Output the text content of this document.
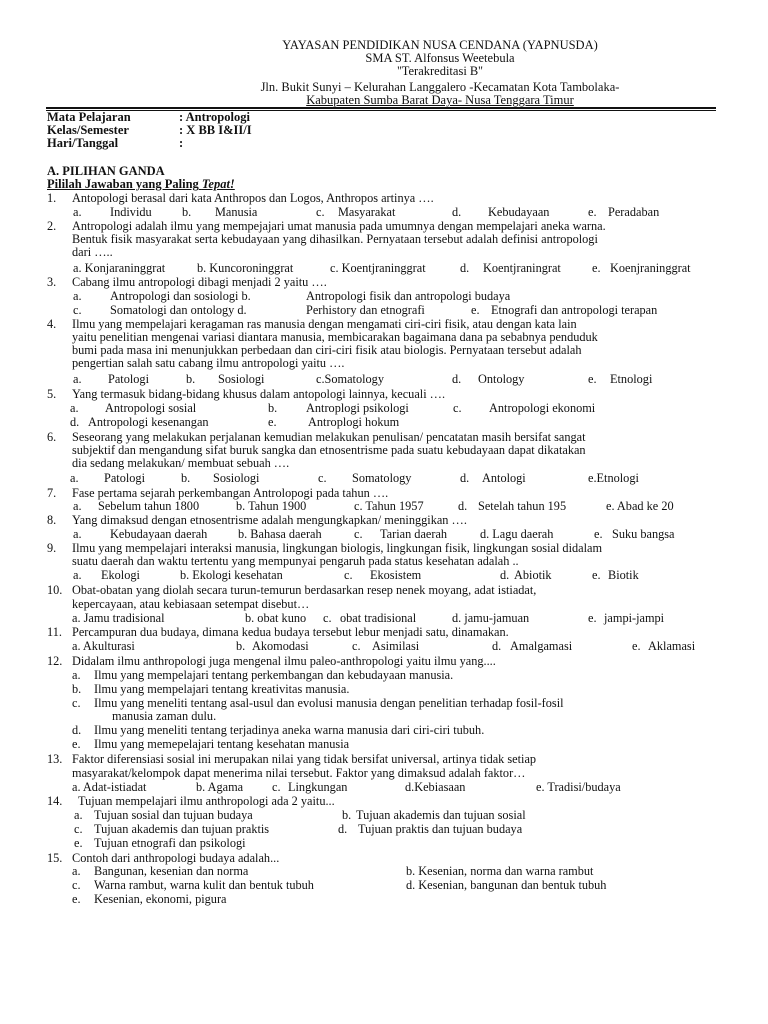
YAYASAN PENDIDIKAN NUSA CENDANA (YAPNUSDA)
SMA ST. Alfonsus Weetebula
''Terakreditasi B''
Jln. Bukit Sunyi – Kelurahan Langgalero -Kecamatan Kota Tambolaka-
Kabupaten Sumba Barat Daya- Nusa Tenggara Timur
Mata Pelajaran	: Antropologi
Kelas/Semester	: X BB I&II/I
Hari/Tanggal	:
A. PILIHAN GANDA
Pililah Jawaban yang Paling Tepat!
1. Antopologi berasal dari kata Anthropos dan Logos, Anthropos artinya ….
a. Individu b. Manusia	c. Masyarakat	d. Kebudayaan	e. Peradaban
2. Antropologi adalah ilmu yang mempejajari umat manusia pada umumnya dengan mempelajari aneka warna.
Bentuk fisik masyarakat serta kebudayaan yang dihasilkan. Pernyataan tersebut adalah definisi antropologi
dari …..
a. Konjaraninggrat	b. Kuncoroninggrat	c. Koentjraninggrat	d. Koentjraningrat	e. Koenjraninggrat
3. Cabang ilmu antropologi dibagi menjadi 2 yaitu ….
a. Antropologi dan sosiologi b.	Antropologi fisik dan antropologi budaya
c. Somatologi dan ontology d.	Perhistory dan etnografi	e. Etnografi dan antropologi terapan
4. Ilmu yang mempelajari keragaman ras manusia dengan mengamati ciri-ciri fisik, atau dengan kata lain
yaitu penelitian mengenai variasi diantara manusia, membicarakan bagaimana dana pa sebabnya penduduk
bumi pada masa ini menunjukkan perbedaan dan ciri-ciri fisik atau biologis. Pernyataan tersebut adalah
pengertian salah satu cabang ilmu antropologi yaitu ….
a. Patologi	b. Sosiologi	c.Somatology	d. Ontology	e. Etnologi
5. Yang termasuk bidang-bidang khusus dalam antopologi lainnya, kecuali ….
a. Antropologi sosial	b. Antroplogi psikologi	c. Antropologi ekonomi
d. Antropologi kesenangan	e.	Antroplogi hokum
6. Seseorang yang melakukan perjalanan kemudian melakukan penulisan/ pencatatan masih bersifat sangat
subjektif dan mengandung sifat buruk sangka dan etnosentrisme pada suatu kebudayaan dapat dikatakan
dia sedang melakukan/ membuat sebuah ….
a. Patologi	b. Sosiologi	c. Somatology	d. Antologi	e.Etnologi
7. Fase pertama sejarah perkembangan Antrolopogi pada tahun ….
a. Sebelum tahun 1800	b. Tahun 1900	c. Tahun 1957	d. Setelah tahun 195	e. Abad ke 20
8. Yang dimaksud dengan etnosentrisme adalah mengungkapkan/ meninggikan ….
a. Kebudayaan daerah b. Bahasa daerah	c. Tarian daerah	d. Lagu daerah	e. Suku bangsa
9. Ilmu yang mempelajari interaksi manusia, lingkungan biologis, lingkungan fisik, lingkungan sosial didalam
suatu daerah dan waktu tertentu yang mempunyai pengaruh pada status kesehatan adalah ..
a. Ekologi	b. Ekologi kesehatan	c. Ekosistem	d. Abiotik	e. Biotik
10. Obat-obatan yang diolah secara turun-temurun berdasarkan resep nenek moyang, adat istiadat,
kepercayaan, atau kebiasaan setempat disebut…
a. Jamu tradisional	b. obat kuno c. obat tradisional	d. jamu-jamuan	e. jampi-jampi
11. Percampuran dua budaya, dimana kedua budaya tersebut lebur menjadi satu, dinamakan.
a. Akulturasi	b. Akomodasi	c. Asimilasi	d. Amalgamasi	e. Aklamasi
12. Didalam ilmu anthropologi juga mengenal ilmu paleo-anthropologi yaitu ilmu yang....
a. Ilmu yang mempelajari tentang perkembangan dan kebudayaan manusia.
b. Ilmu yang mempelajari tentang kreativitas manusia.
c. Ilmu yang meneliti tentang asal-usul dan evolusi manusia dengan penelitian terhadap fosil-fosil
manusia zaman dulu.
d. Ilmu yang meneliti tentang terjadinya aneka warna manusia dari ciri-ciri tubuh.
e. Ilmu yang memepelajari tentang kesehatan manusia
13. Faktor diferensiasi sosial ini merupakan nilai yang tidak bersifat universal, artinya tidak setiap
masyarakat/kelompok dapat menerima nilai tersebut. Faktor yang dimaksud adalah faktor…
a. Adat-istiadat	b. Agama c. Lingkungan	d.Kebiasaan	e. Tradisi/budaya
14. Tujuan mempelajari ilmu anthropologi ada 2 yaitu...
a. Tujuan sosial dan tujuan budaya	b. Tujuan akademis dan tujuan sosial
c. Tujuan akademis dan tujuan praktis	d. Tujuan praktis dan tujuan budaya
e. Tujuan etnografi dan psikologi
15. Contoh dari anthropologi budaya adalah...
a. Bangunan, kesenian dan norma	b. Kesenian, norma dan warna rambut
c. Warna rambut, warna kulit dan bentuk tubuh	d. Kesenian, bangunan dan bentuk tubuh
e. Kesenian, ekonomi, pigura
